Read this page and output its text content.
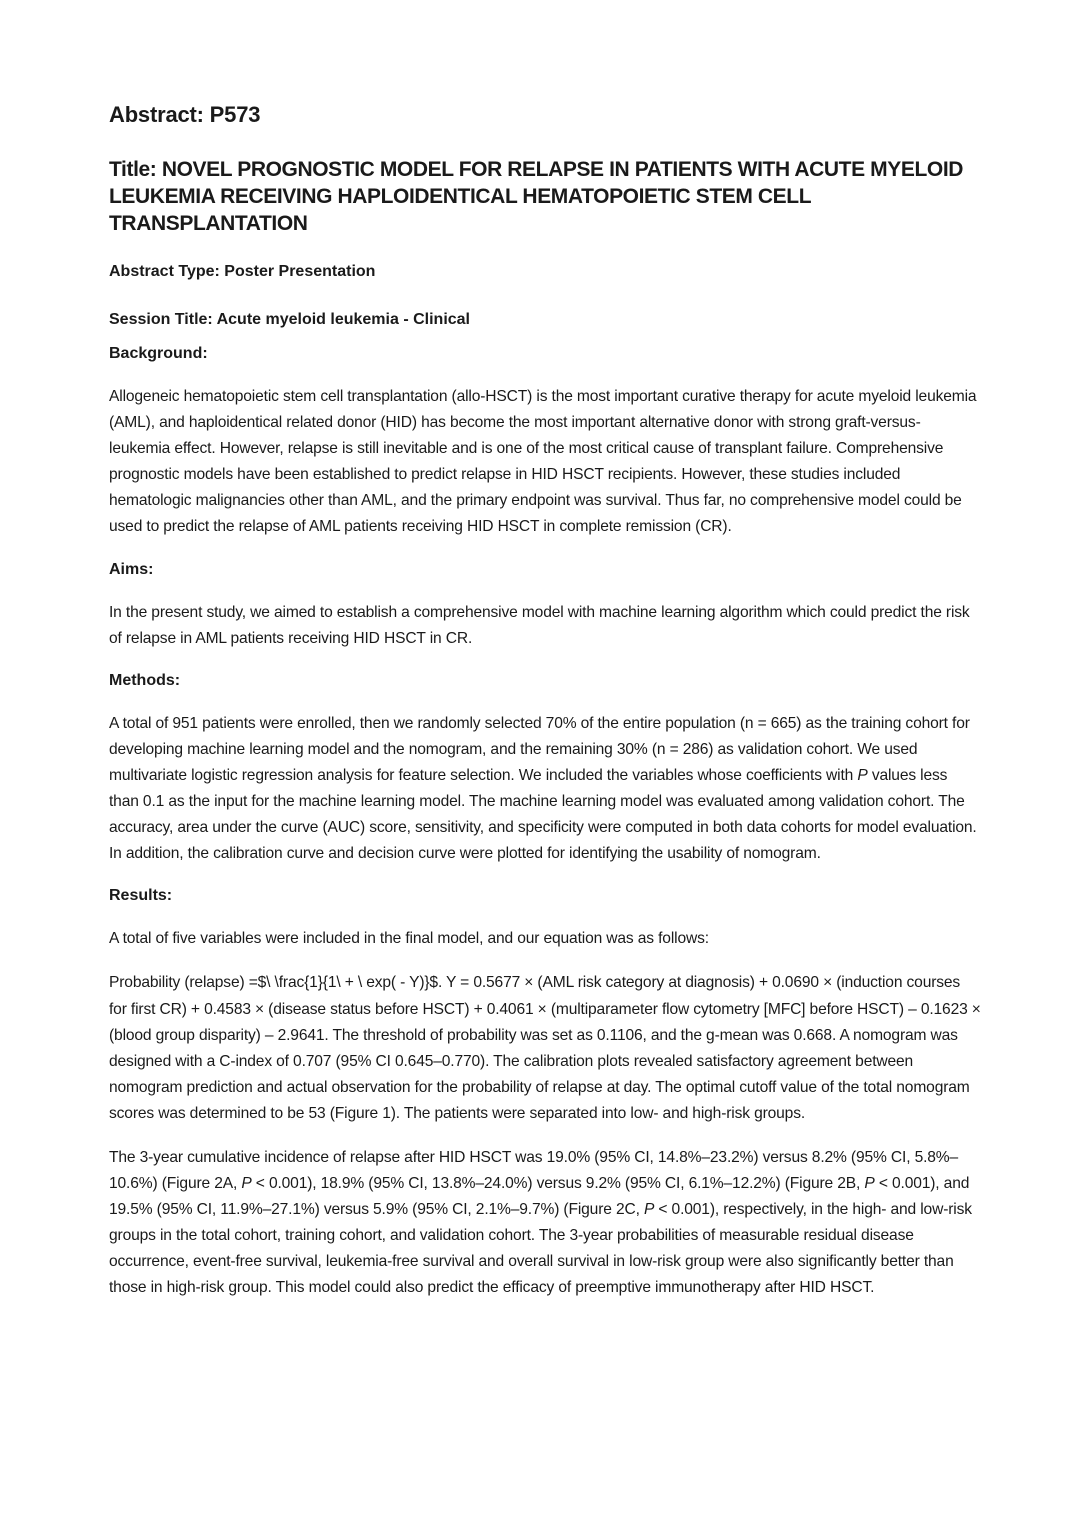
Abstract: P573
Title: NOVEL PROGNOSTIC MODEL FOR RELAPSE IN PATIENTS WITH ACUTE MYELOID LEUKEMIA RECEIVING HAPLOIDENTICAL HEMATOPOIETIC STEM CELL TRANSPLANTATION
Abstract Type: Poster Presentation
Session Title: Acute myeloid leukemia - Clinical
Background:

Allogeneic hematopoietic stem cell transplantation (allo-HSCT) is the most important curative therapy for acute myeloid leukemia (AML), and haploidentical related donor (HID) has become the most important alternative donor with strong graft-versus-leukemia effect. However, relapse is still inevitable and is one of the most critical cause of transplant failure. Comprehensive prognostic models have been established to predict relapse in HID HSCT recipients. However, these studies included hematologic malignancies other than AML, and the primary endpoint was survival. Thus far, no comprehensive model could be used to predict the relapse of AML patients receiving HID HSCT in complete remission (CR).

Aims:

In the present study, we aimed to establish a comprehensive model with machine learning algorithm which could predict the risk of relapse in AML patients receiving HID HSCT in CR.

Methods:

A total of 951 patients were enrolled, then we randomly selected 70% of the entire population (n = 665) as the training cohort for developing machine learning model and the nomogram, and the remaining 30% (n = 286) as validation cohort. We used multivariate logistic regression analysis for feature selection. We included the variables whose coefficients with P values less than 0.1 as the input for the machine learning model. The machine learning model was evaluated among validation cohort. The accuracy, area under the curve (AUC) score, sensitivity, and specificity were computed in both data cohorts for model evaluation. In addition, the calibration curve and decision curve were plotted for identifying the usability of nomogram.

Results:

A total of five variables were included in the final model, and our equation was as follows:

Probability (relapse) =$\ \frac{1}{1\ + \ exp( - Y)}$. Y = 0.5677 × (AML risk category at diagnosis) + 0.0690 × (induction courses for first CR) + 0.4583 × (disease status before HSCT) + 0.4061 × (multiparameter flow cytometry [MFC] before HSCT) – 0.1623 × (blood group disparity) – 2.9641. The threshold of probability was set as 0.1106, and the g-mean was 0.668. A nomogram was designed with a C-index of 0.707 (95% CI 0.645–0.770). The calibration plots revealed satisfactory agreement between nomogram prediction and actual observation for the probability of relapse at day. The optimal cutoff value of the total nomogram scores was determined to be 53 (Figure 1). The patients were separated into low- and high-risk groups.

The 3-year cumulative incidence of relapse after HID HSCT was 19.0% (95% CI, 14.8%–23.2%) versus 8.2% (95% CI, 5.8%–10.6%) (Figure 2A, P < 0.001), 18.9% (95% CI, 13.8%–24.0%) versus 9.2% (95% CI, 6.1%–12.2%) (Figure 2B, P < 0.001), and 19.5% (95% CI, 11.9%–27.1%) versus 5.9% (95% CI, 2.1%–9.7%) (Figure 2C, P < 0.001), respectively, in the high- and low-risk groups in the total cohort, training cohort, and validation cohort. The 3-year probabilities of measurable residual disease occurrence, event-free survival, leukemia-free survival and overall survival in low-risk group were also significantly better than those in high-risk group. This model could also predict the efficacy of preemptive immunotherapy after HID HSCT.
